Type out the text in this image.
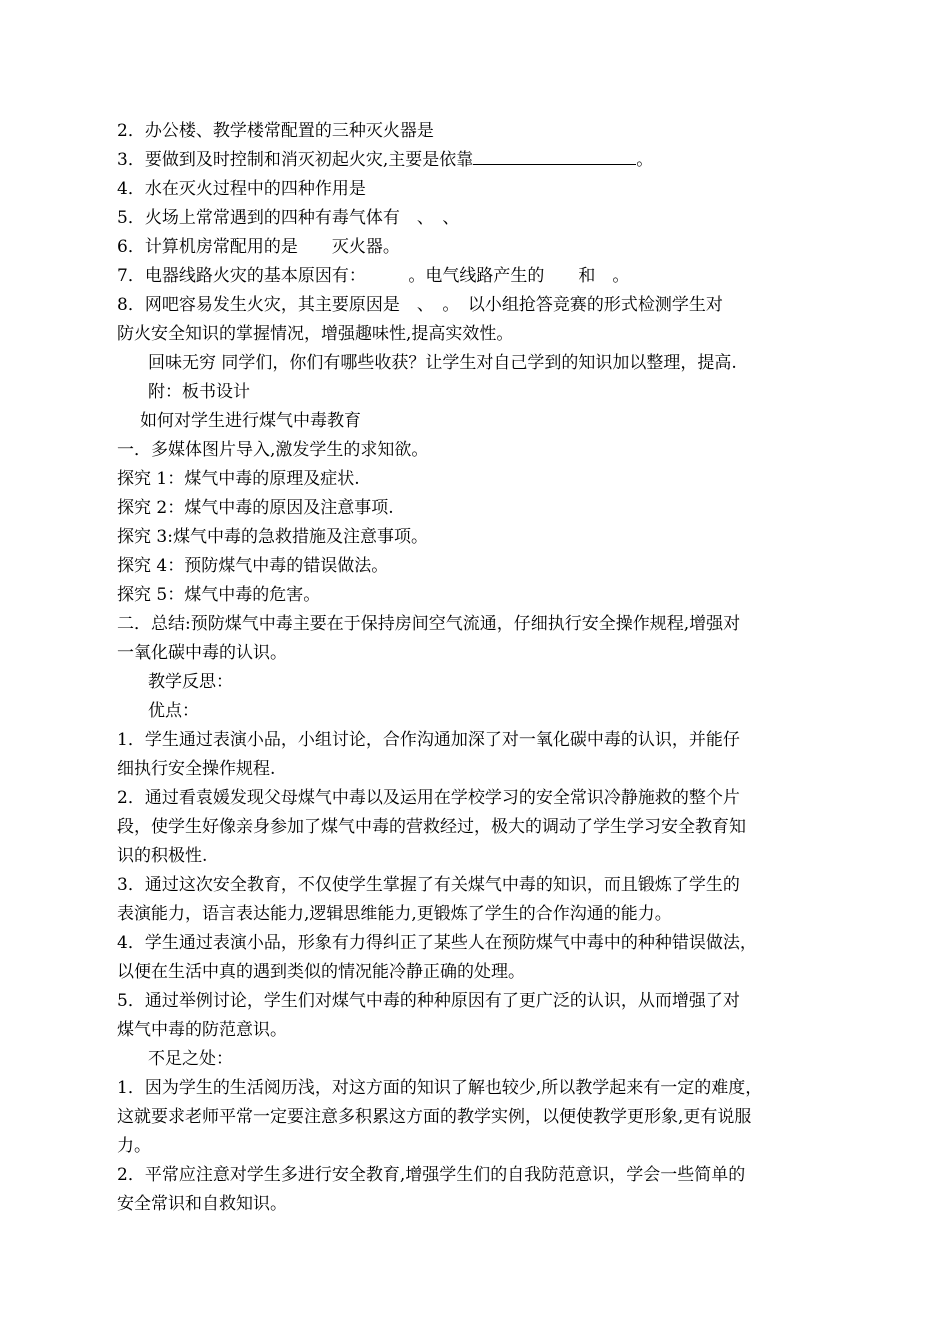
2．办公楼、教学楼常配置的三种灭火器是
3．要做到及时控制和消灭初起火灾,主要是依靠	。
4．水在灭火过程中的四种作用是
5．火场上常常遇到的四种有毒气体有　、　、
6．计算机房常配用的是　　灭火器。
7．电器线路火灾的基本原因有：　　　。电气线路产生的　　和　。
8．网吧容易发生火灾，其主要原因是　、　。　以小组抢答竞赛的形式检测学生对
防火安全知识的掌握情况，增强趣味性,提高实效性。
回味无穷 同学们，你们有哪些收获？让学生对自己学到的知识加以整理，提高.
附：板书设计
如何对学生进行煤气中毒教育
一．多媒体图片导入,激发学生的求知欲。
探究 1：煤气中毒的原理及症状.
探究 2：煤气中毒的原因及注意事项.
探究 3:煤气中毒的急救措施及注意事项。
探究 4：预防煤气中毒的错误做法。
探究 5：煤气中毒的危害。
二．总结:预防煤气中毒主要在于保持房间空气流通，仔细执行安全操作规程,增强对
一氧化碳中毒的认识。
教学反思：
优点：
1．学生通过表演小品，小组讨论，合作沟通加深了对一氧化碳中毒的认识，并能仔
细执行安全操作规程.
2．通过看袁媛发现父母煤气中毒以及运用在学校学习的安全常识冷静施救的整个片
段，使学生好像亲身参加了煤气中毒的营救经过，极大的调动了学生学习安全教育知
识的积极性.
3．通过这次安全教育，不仅使学生掌握了有关煤气中毒的知识，而且锻炼了学生的
表演能力，语言表达能力,逻辑思维能力,更锻炼了学生的合作沟通的能力。
4．学生通过表演小品，形象有力得纠正了某些人在预防煤气中毒中的种种错误做法，
以便在生活中真的遇到类似的情况能冷静正确的处理。
5．通过举例讨论，学生们对煤气中毒的种种原因有了更广泛的认识，从而增强了对
煤气中毒的防范意识。
不足之处：
1．因为学生的生活阅历浅，对这方面的知识了解也较少,所以教学起来有一定的难度，
这就要求老师平常一定要注意多积累这方面的教学实例，以便使教学更形象,更有说服
力。
2．平常应注意对学生多进行安全教育,增强学生们的自我防范意识，学会一些简单的
安全常识和自救知识。
